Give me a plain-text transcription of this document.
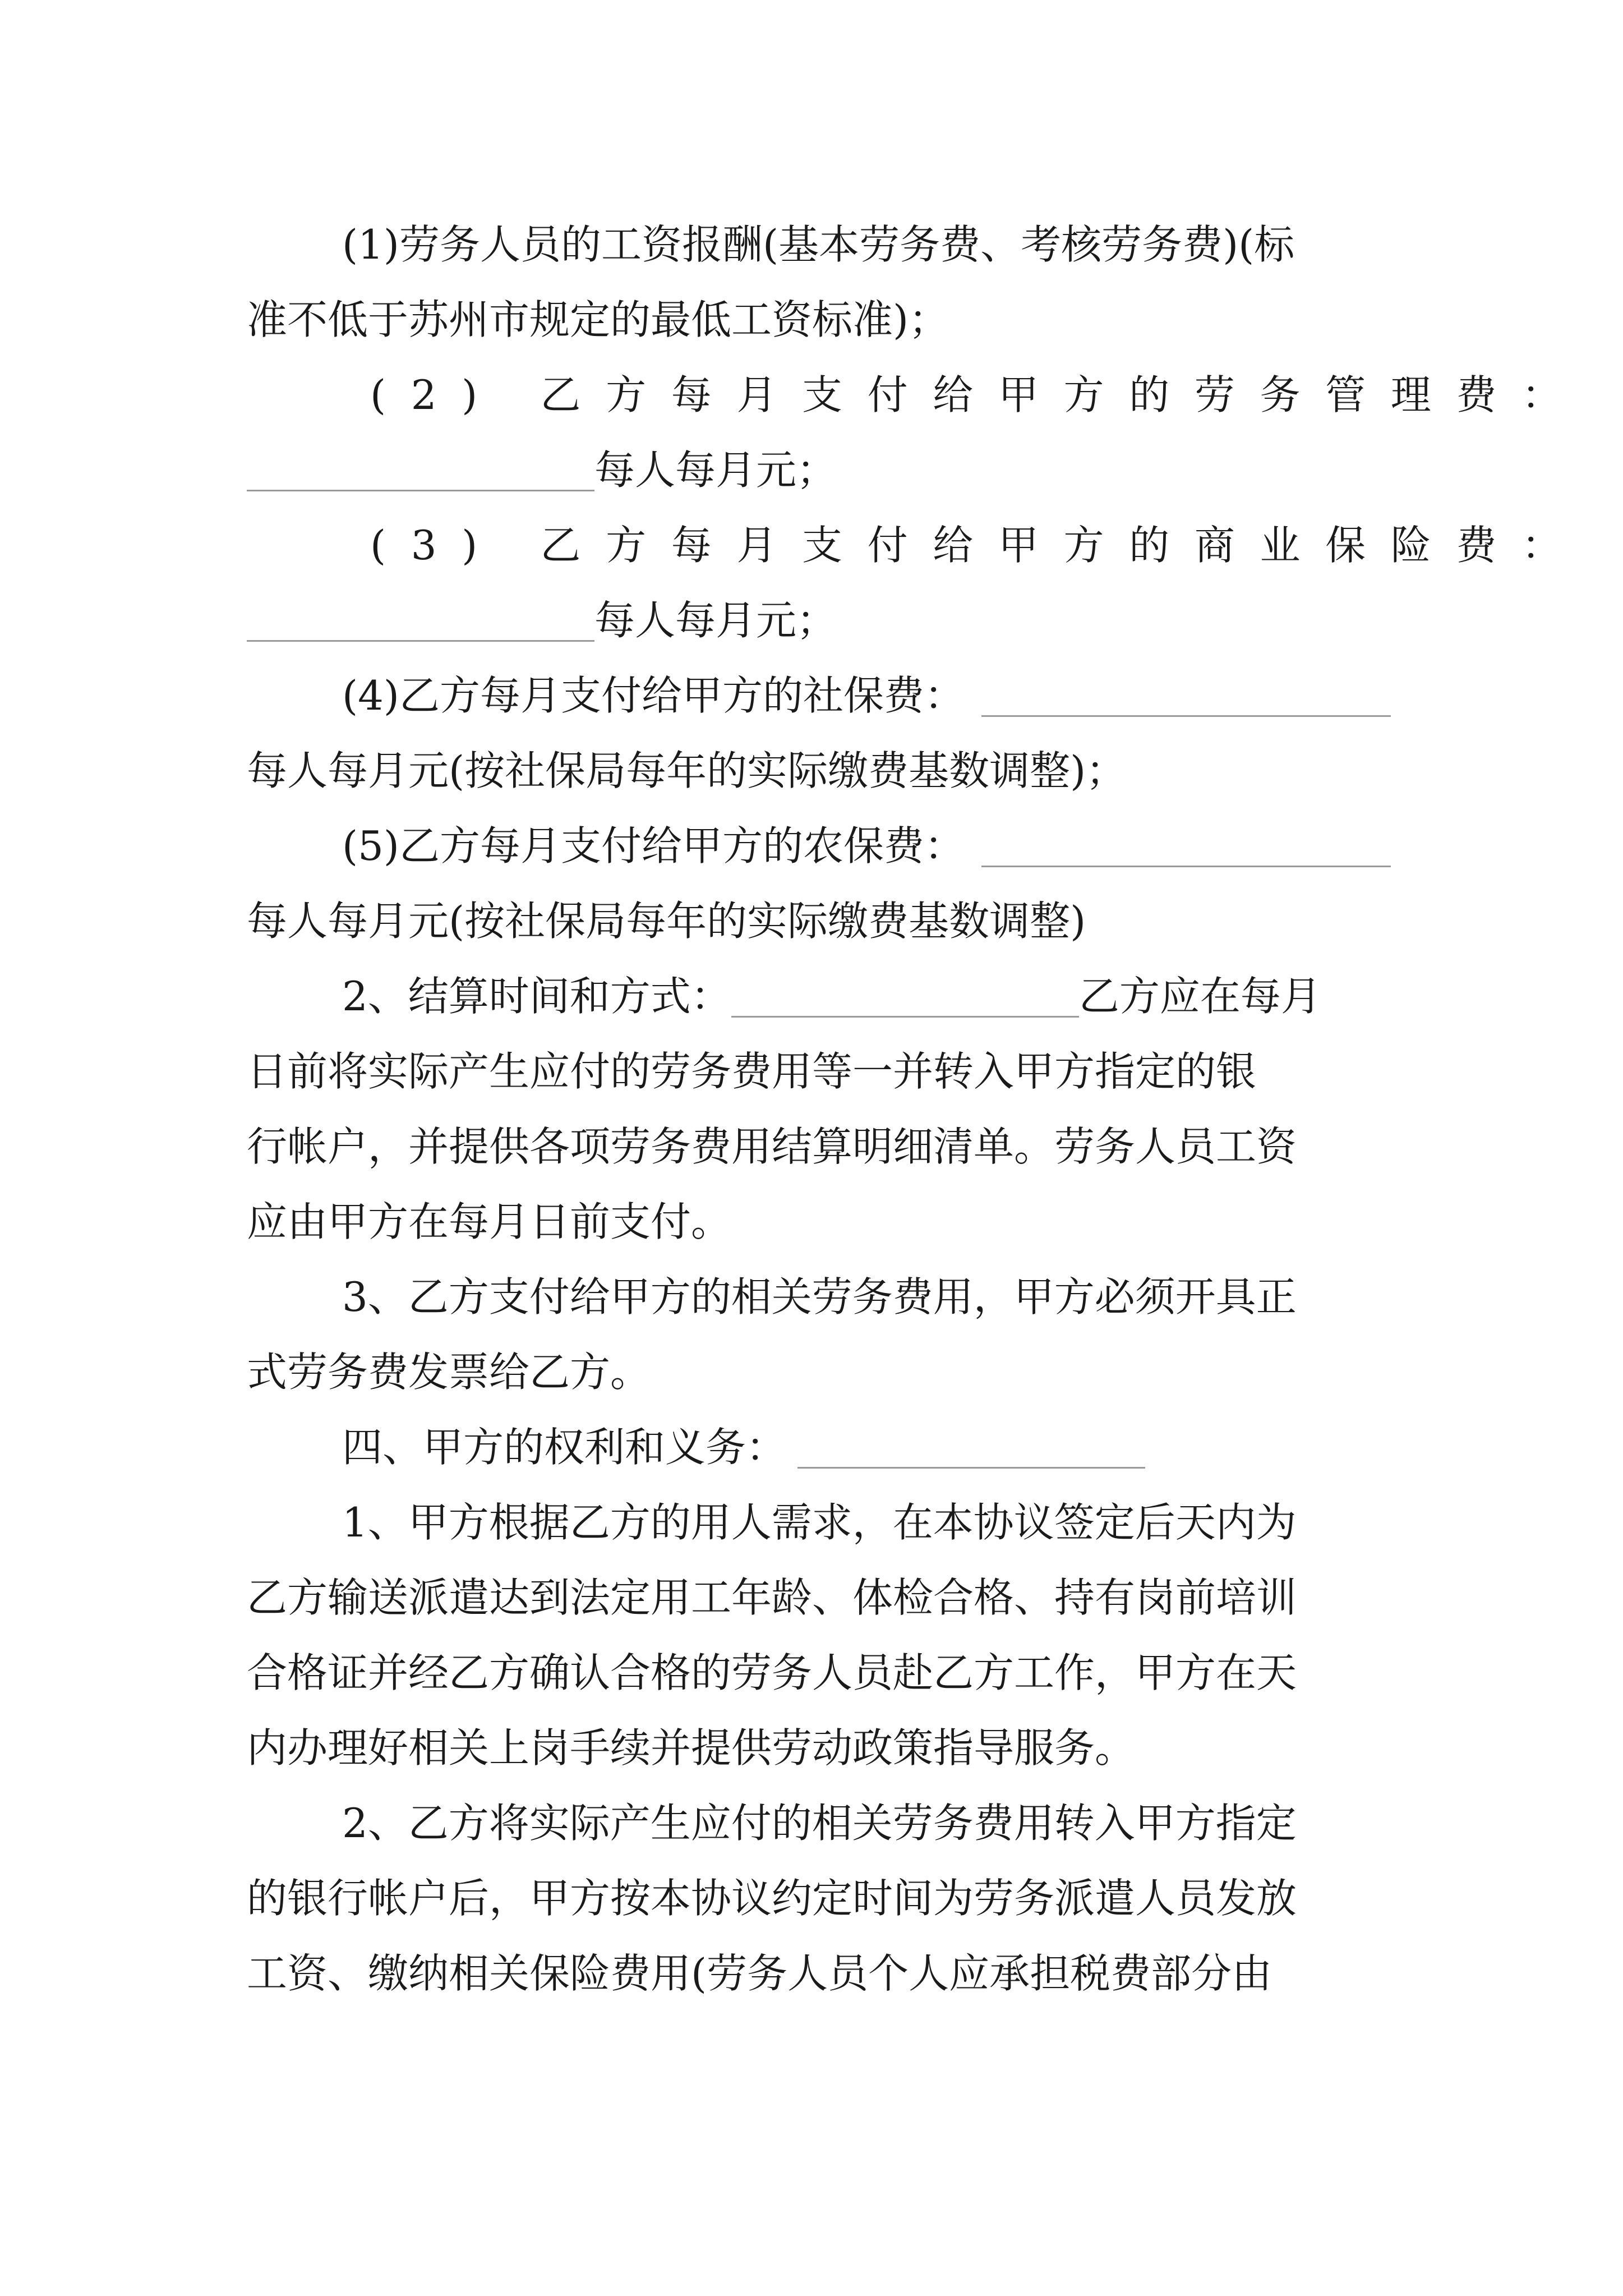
(1)劳务人员的工资报酬(基本劳务费、考核劳务费)(标
准不低于苏州市规定的最低工资标准)；
(2) 乙方每月支付给甲方的劳务管理费：
每人每月元；
(3) 乙方每月支付给甲方的商业保险费：
每人每月元；
(4)乙方每月支付给甲方的社保费：
每人每月元(按社保局每年的实际缴费基数调整)；
(5)乙方每月支付给甲方的农保费：
每人每月元(按社保局每年的实际缴费基数调整)
2、结算时间和方式：	乙方应在每月
日前将实际产生应付的劳务费用等一并转入甲方指定的银
行帐户，并提供各项劳务费用结算明细清单。劳务人员工资
应由甲方在每月日前支付。
3、乙方支付给甲方的相关劳务费用，甲方必须开具正
式劳务费发票给乙方。
四、甲方的权利和义务：
1、甲方根据乙方的用人需求，在本协议签定后天内为
乙方输送派遣达到法定用工年龄、体检合格、持有岗前培训
合格证并经乙方确认合格的劳务人员赴乙方工作，甲方在天
内办理好相关上岗手续并提供劳动政策指导服务。
2、乙方将实际产生应付的相关劳务费用转入甲方指定
的银行帐户后，甲方按本协议约定时间为劳务派遣人员发放
工资、缴纳相关保险费用(劳务人员个人应承担税费部分由
